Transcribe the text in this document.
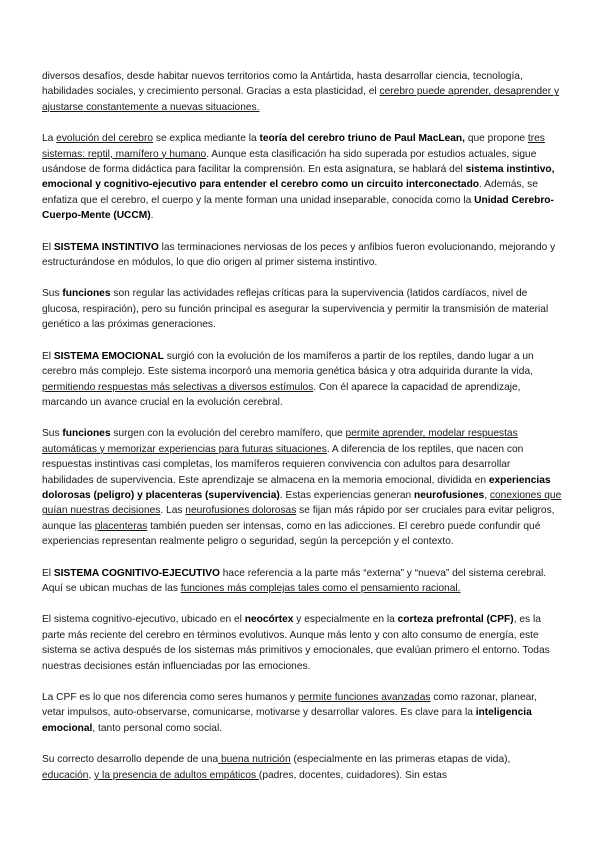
diversos desafíos, desde habitar nuevos territorios como la Antártida, hasta desarrollar ciencia, tecnología, habilidades sociales, y crecimiento personal. Gracias a esta plasticidad, el cerebro puede aprender, desaprender y ajustarse constantemente a nuevas situaciones.

La evolución del cerebro se explica mediante la teoría del cerebro triuno de Paul MacLean, que propone tres sistemas: reptil, mamífero y humano. Aunque esta clasificación ha sido superada por estudios actuales, sigue usándose de forma didáctica para facilitar la comprensión. En esta asignatura, se hablará del sistema instintivo, emocional y cognitivo-ejecutivo para entender el cerebro como un circuito interconectado. Además, se enfatiza que el cerebro, el cuerpo y la mente forman una unidad inseparable, conocida como la Unidad Cerebro-Cuerpo-Mente (UCCM).

El SISTEMA INSTINTIVO las terminaciones nerviosas de los peces y anfibios fueron evolucionando, mejorando y estructurándose en módulos, lo que dio origen al primer sistema instintivo.

Sus funciones son regular las actividades reflejas críticas para la supervivencia (latidos cardíacos, nivel de glucosa, respiración), pero su función principal es asegurar la supervivencia y permitir la transmisión de material genético a las próximas generaciones.

El SISTEMA EMOCIONAL surgió con la evolución de los mamíferos a partir de los reptiles, dando lugar a un cerebro más complejo. Este sistema incorporó una memoria genética básica y otra adquirida durante la vida, permitiendo respuestas más selectivas a diversos estímulos. Con él aparece la capacidad de aprendizaje, marcando un avance crucial en la evolución cerebral.

Sus funciones surgen con la evolución del cerebro mamífero, que permite aprender, modelar respuestas automáticas y memorizar experiencias para futuras situaciones. A diferencia de los reptiles, que nacen con respuestas instintivas casi completas, los mamíferos requieren convivencia con adultos para desarrollar habilidades de supervivencia. Este aprendizaje se almacena en la memoria emocional, dividida en experiencias dolorosas (peligro) y placenteras (supervivencia). Estas experiencias generan neurofusiones, conexiones que guían nuestras decisiones. Las neurofusiones dolorosas se fijan más rápido por ser cruciales para evitar peligros, aunque las placenteras también pueden ser intensas, como en las adicciones. El cerebro puede confundir qué experiencias representan realmente peligro o seguridad, según la percepción y el contexto.

El SISTEMA COGNITIVO-EJECUTIVO hace referencia a la parte más “externa” y “nueva” del sistema cerebral. Aquí se ubican muchas de las funciones más complejas tales como el pensamiento racional.

El sistema cognitivo-ejecutivo, ubicado en el neocórtex y especialmente en la corteza prefrontal (CPF), es la parte más reciente del cerebro en términos evolutivos. Aunque más lento y con alto consumo de energía, este sistema se activa después de los sistemas más primitivos y emocionales, que evalúan primero el entorno. Todas nuestras decisiones están influenciadas por las emociones.

La CPF es lo que nos diferencia como seres humanos y permite funciones avanzadas como razonar, planear, vetar impulsos, auto-observarse, comunicarse, motivarse y desarrollar valores. Es clave para la inteligencia emocional, tanto personal como social.

Su correcto desarrollo depende de una buena nutrición (especialmente en las primeras etapas de vida), educación, y la presencia de adultos empáticos (padres, docentes, cuidadores). Sin estas
